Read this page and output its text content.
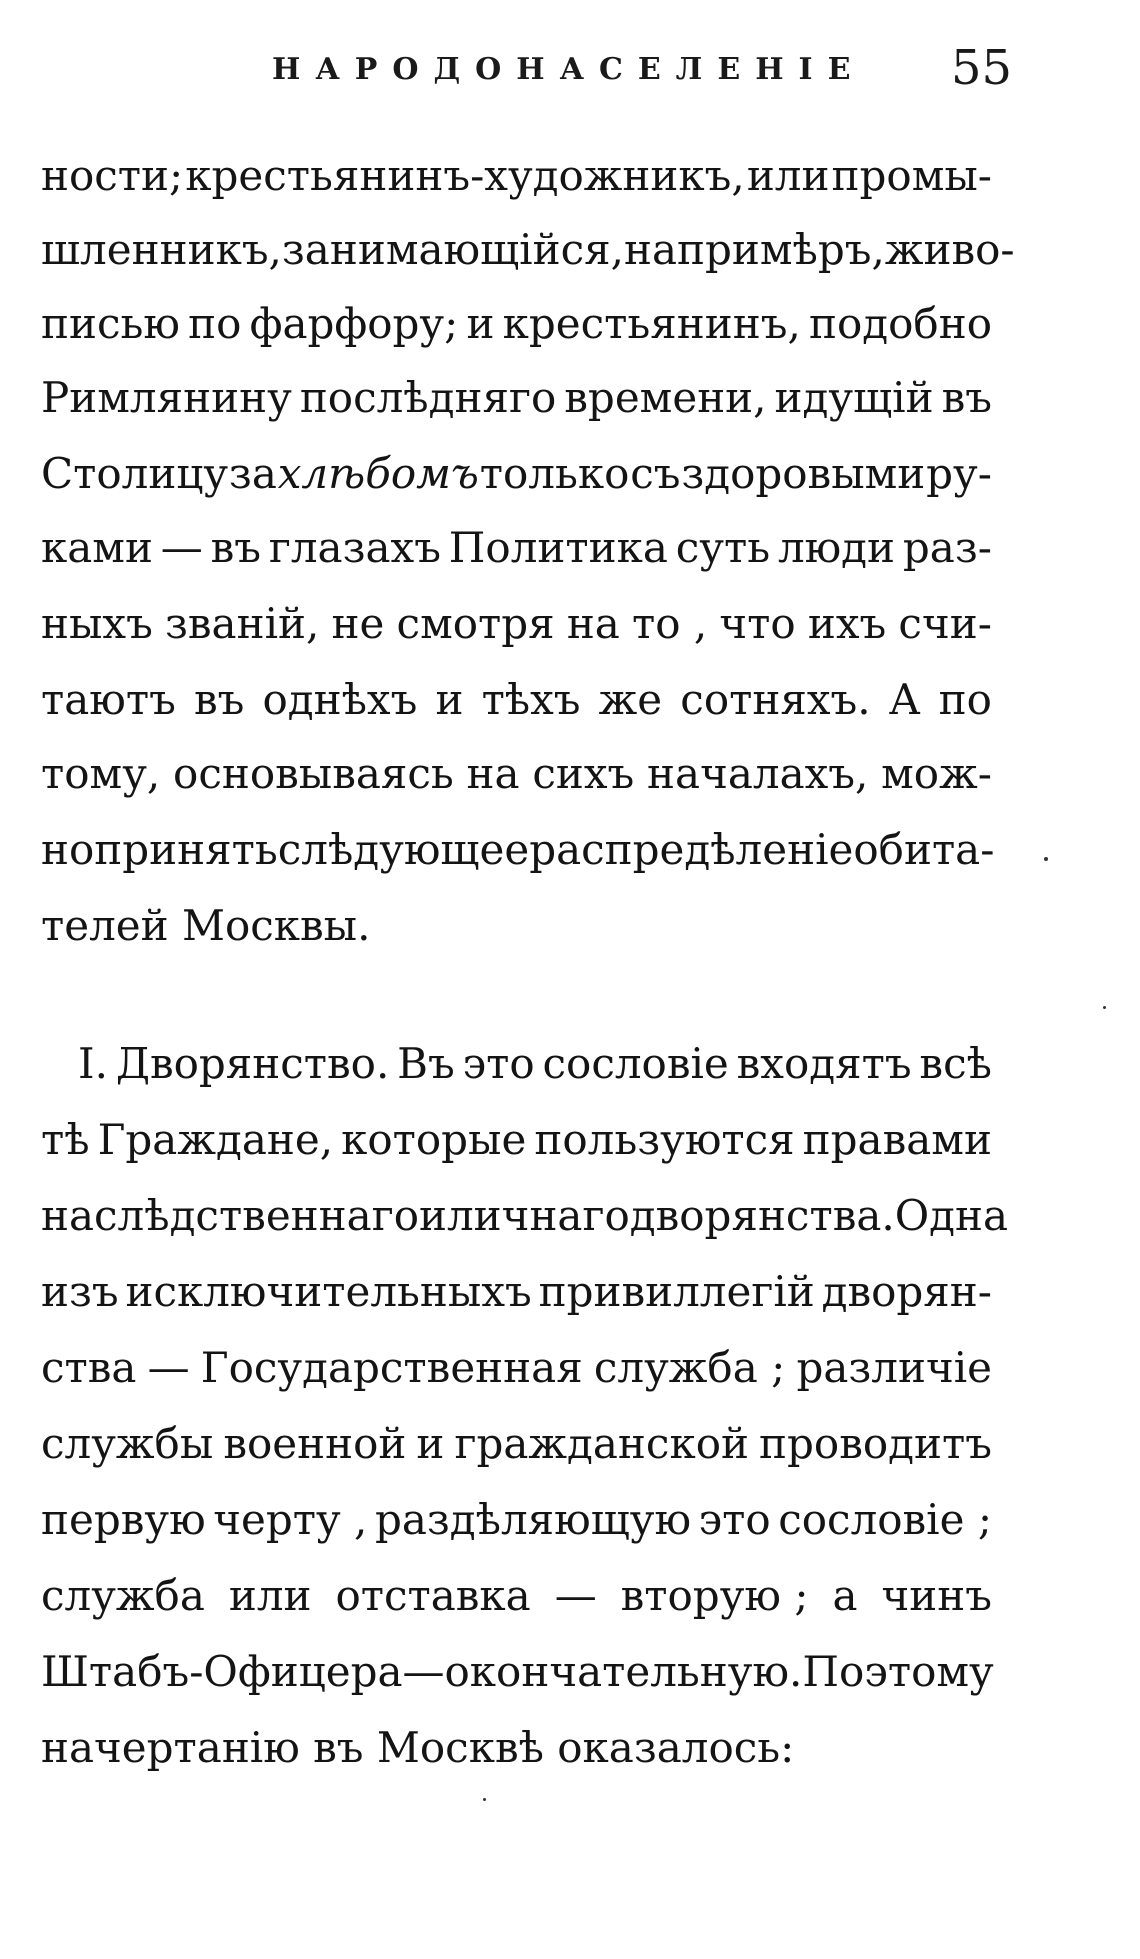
НАРОДОНАСЕЛЕНІЕ 55
ности; крестьянинъ-художникъ, или промы-
шленникъ, занимающійся, на примѣръ, живо-
писью по фарфору; и крестьянинъ, подобно
Римлянину послѣдняго времени, идущій въ
Столицу за хлѣбомъ только съ здоровыми ру-
ками — въ глазахъ Политика суть люди раз-
ныхъ званій, не смотря на то , что ихъ счи-
таютъ въ однѣхъ и тѣхъ же сотняхъ. А по
тому, основываясь на сихъ началахъ, мож-
но принять слѣдующее распредѣленіе обита-
телей Москвы.
I. Дворянство. Въ это сословіе входятъ всѣ
тѣ Граждане, которые пользуются правами
наслѣдственнаго и личнаго дворянства. Одна
изъ исключительныхъ привиллегій дворян-
ства — Государственная служба ; различіе
службы военной и гражданской проводитъ
первую черту , раздѣляющую это сословіе ;
служба или отставка — вторую ; а чинъ
Штабъ-Офицера — окончательную. По этому
начертанію въ Москвѣ оказалось:
